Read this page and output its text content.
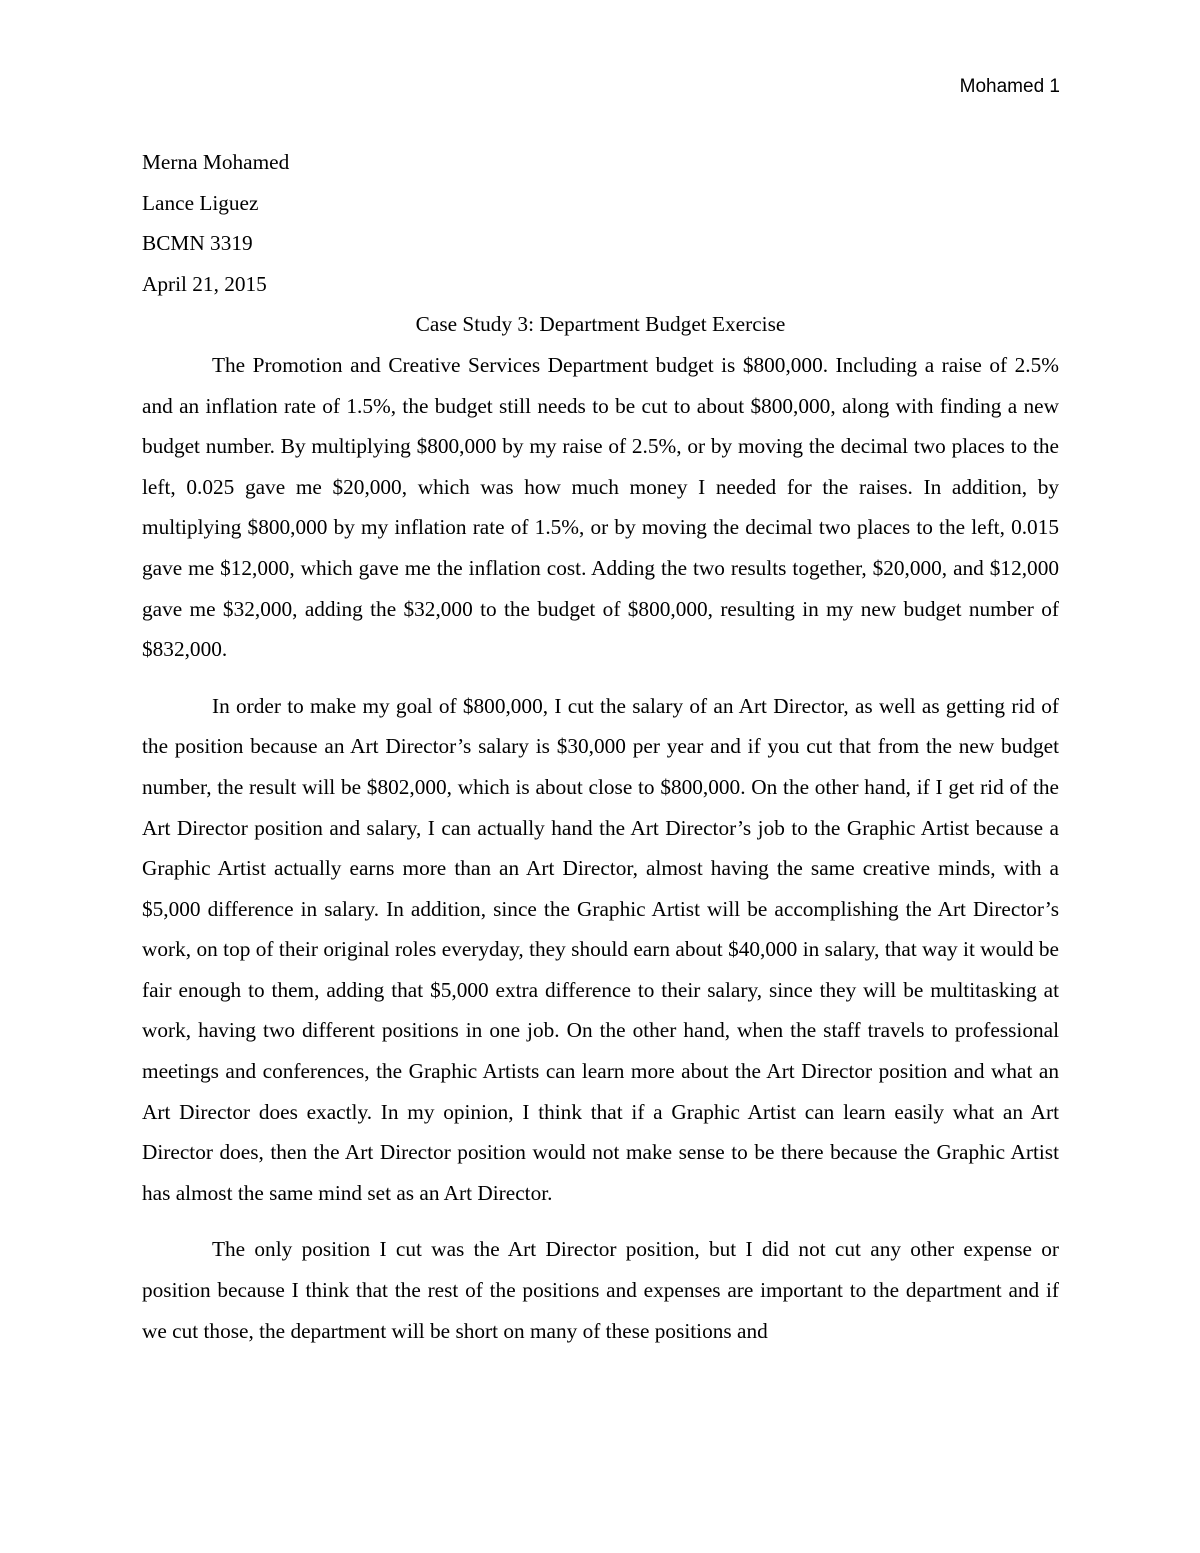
Mohamed 1

Merna Mohamed

Lance Liguez

BCMN 3319

April 21, 2015

Case Study 3: Department Budget Exercise

The Promotion and Creative Services Department budget is $800,000. Including a raise of 2.5% and an inflation rate of 1.5%, the budget still needs to be cut to about $800,000, along with finding a new budget number. By multiplying $800,000 by my raise of 2.5%, or by moving the decimal two places to the left, 0.025 gave me $20,000, which was how much money I needed for the raises. In addition, by multiplying $800,000 by my inflation rate of 1.5%, or by moving the decimal two places to the left, 0.015 gave me $12,000, which gave me the inflation cost. Adding the two results together, $20,000, and $12,000 gave me $32,000, adding the $32,000 to the budget of $800,000, resulting in my new budget number of $832,000.

In order to make my goal of $800,000, I cut the salary of an Art Director, as well as getting rid of the position because an Art Director’s salary is $30,000 per year and if you cut that from the new budget number, the result will be $802,000, which is about close to $800,000. On the other hand, if I get rid of the Art Director position and salary, I can actually hand the Art Director’s job to the Graphic Artist because a Graphic Artist actually earns more than an Art Director, almost having the same creative minds, with a $5,000 difference in salary. In addition, since the Graphic Artist will be accomplishing the Art Director’s work, on top of their original roles everyday, they should earn about $40,000 in salary, that way it would be fair enough to them, adding that $5,000 extra difference to their salary, since they will be multitasking at work, having two different positions in one job. On the other hand, when the staff travels to professional meetings and conferences, the Graphic Artists can learn more about the Art Director position and what an Art Director does exactly. In my opinion, I think that if a Graphic Artist can learn easily what an Art Director does, then the Art Director position would not make sense to be there because the Graphic Artist has almost the same mind set as an Art Director.

The only position I cut was the Art Director position, but I did not cut any other expense or position because I think that the rest of the positions and expenses are important to the department and if we cut those, the department will be short on many of these positions and
